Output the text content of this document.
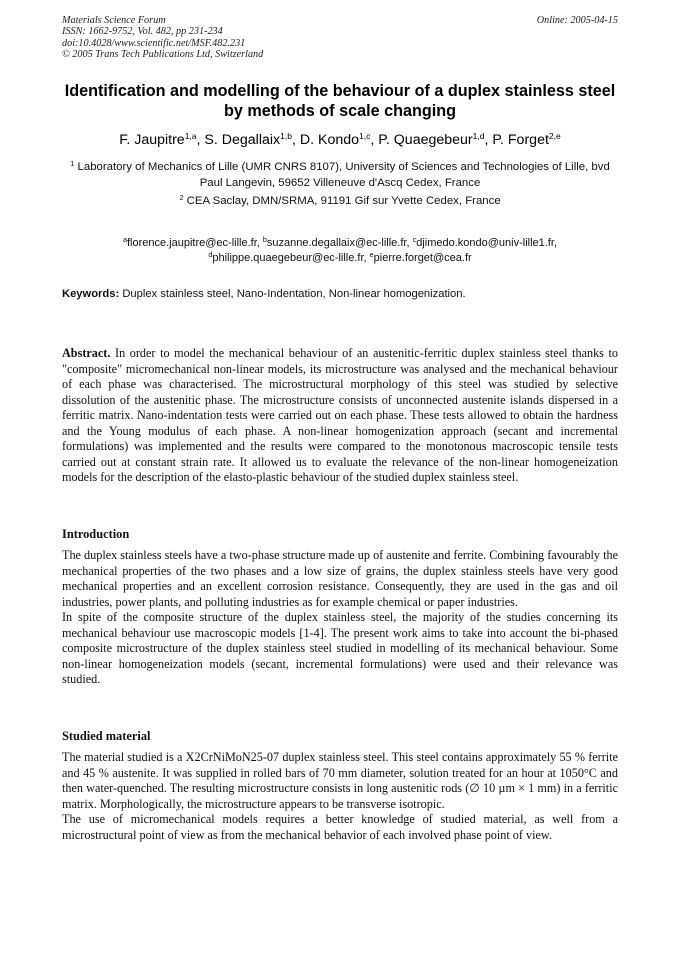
Materials Science Forum
ISSN: 1662-9752, Vol. 482, pp 231-234
doi:10.4028/www.scientific.net/MSF.482.231
© 2005 Trans Tech Publications Ltd, Switzerland
Online: 2005-04-15
Identification and modelling of the behaviour of a duplex stainless steel by methods of scale changing
F. Jaupitre$^{1,a}$, S. Degallaix$^{1,b}$, D. Kondo$^{1,c}$, P. Quaegebeur$^{1,d}$, P. Forget$^{2,e}$
$^1$ Laboratory of Mechanics of Lille (UMR CNRS 8107), University of Sciences and Technologies of Lille, bvd Paul Langevin, 59652 Villeneuve d'Ascq Cedex, France
$^2$ CEA Saclay, DMN/SRMA, 91191 Gif sur Yvette Cedex, France
$^a$florence.jaupitre@ec-lille.fr, $^b$suzanne.degallaix@ec-lille.fr, $^c$djimedo.kondo@univ-lille1.fr,
$^d$philippe.quaegebeur@ec-lille.fr, $^e$pierre.forget@cea.fr
Keywords: Duplex stainless steel, Nano-Indentation, Non-linear homogenization.
Abstract. In order to model the mechanical behaviour of an austenitic-ferritic duplex stainless steel thanks to "composite" micromechanical non-linear models, its microstructure was analysed and the mechanical behaviour of each phase was characterised. The microstructural morphology of this steel was studied by selective dissolution of the austenitic phase. The microstructure consists of unconnected austenite islands dispersed in a ferritic matrix. Nano-indentation tests were carried out on each phase. These tests allowed to obtain the hardness and the Young modulus of each phase. A non-linear homogenization approach (secant and incremental formulations) was implemented and the results were compared to the monotonous macroscopic tensile tests carried out at constant strain rate. It allowed us to evaluate the relevance of the non-linear homogeneization models for the description of the elasto-plastic behaviour of the studied duplex stainless steel.
Introduction

The duplex stainless steels have a two-phase structure made up of austenite and ferrite. Combining favourably the mechanical properties of the two phases and a low size of grains, the duplex stainless steels have very good mechanical properties and an excellent corrosion resistance. Consequently, they are used in the gas and oil industries, power plants, and polluting industries as for example chemical or paper industries.

In spite of the composite structure of the duplex stainless steel, the majority of the studies concerning its mechanical behaviour use macroscopic models [1-4]. The present work aims to take into account the bi-phased composite microstructure of the duplex stainless steel studied in modelling of its mechanical behaviour. Some non-linear homogeneization models (secant, incremental formulations) were used and their relevance was studied.

Studied material

The material studied is a X2CrNiMoN25-07 duplex stainless steel. This steel contains approximately 55 % ferrite and 45 % austenite. It was supplied in rolled bars of 70 mm diameter, solution treated for an hour at 1050°C and then water-quenched. The resulting microstructure consists in long austenitic rods (∅ 10 µm × 1 mm) in a ferritic matrix. Morphologically, the microstructure appears to be transverse isotropic.

The use of micromechanical models requires a better knowledge of studied material, as well from a microstructural point of view as from the mechanical behavior of each involved phase point of view.
